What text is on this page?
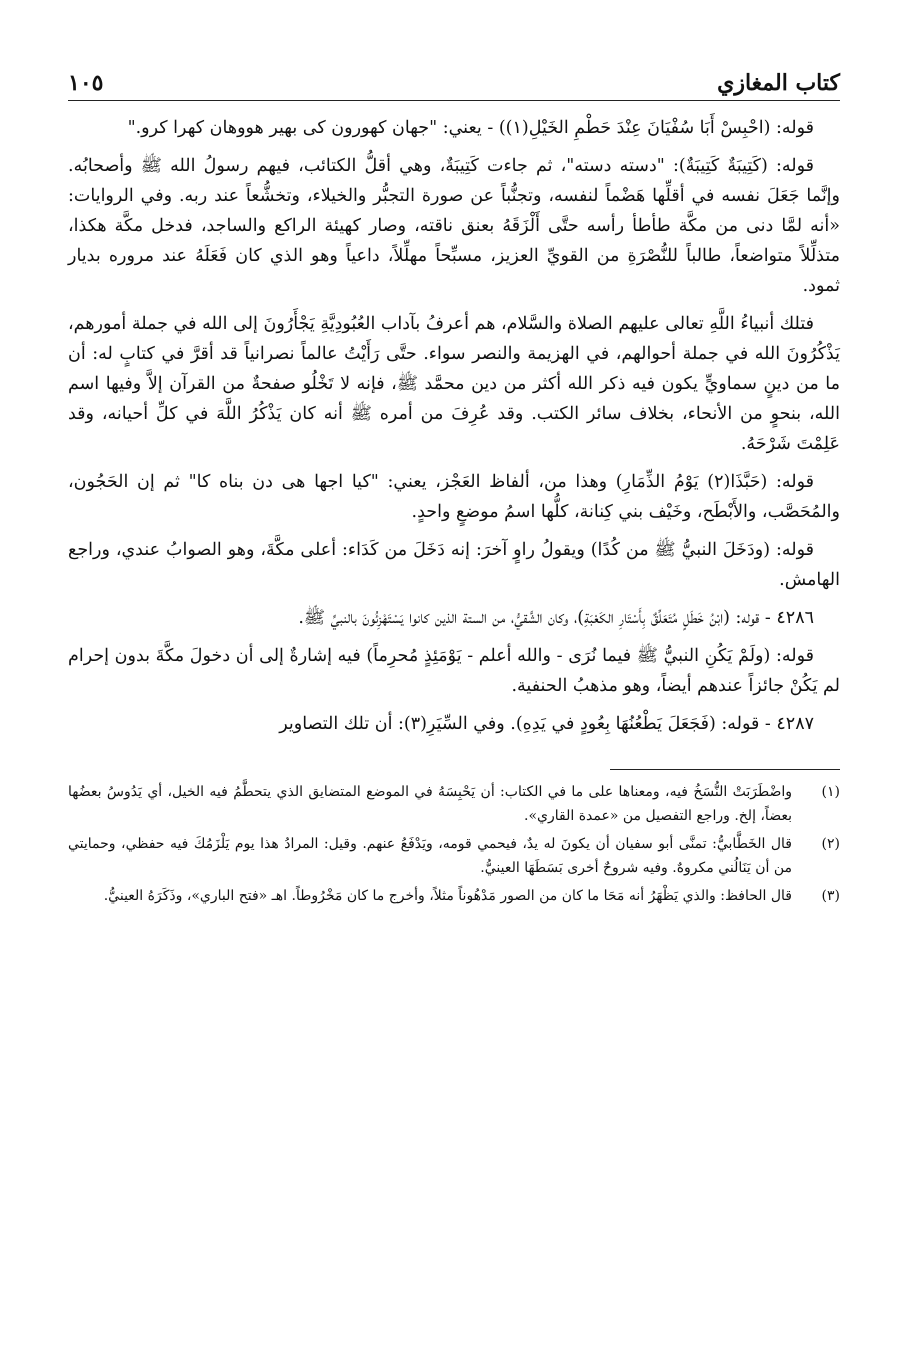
كتاب المغازي
١٠٥

قوله: (احْبِسْ أَبَا سُفْيَانَ عِنْدَ حَطْمِ الخَيْلِ(١)) - يعني: "جهان كهورون كى بهير هووهان كهرا كرو."

قوله: (كَتِيبَةٌ كَتِيبَةٌ): "دسته دسته"، ثم جاءت كَتِيبَةٌ، وهي أقلُّ الكتائب، فيهم رسولُ الله ﷺ وأصحابُه. وإنَّما جَعَلَ نفسه في أقلِّها هَضْماً لنفسه، وتجنُّباً عن صورة التجبُّر والخيلاء، وتخشُّعاً عند ربه. وفي الروايات: «أنه لمَّا دنى من مكَّة طأطأ رأسه حتَّى أَلْزَقَهُ بعنق ناقته، وصار كهيئة الراكع والساجد، فدخل مكَّة هكذا، متذلِّلاً متواضعاً، طالباً للنُّصْرَةِ من القويِّ العزيز، مسبِّحاً مهلِّلاً، داعياً وهو الذي كان فَعَلَهُ عند مروره بديار ثمود.

فتلك أنبياءُ اللَّهِ تعالى عليهم الصلاة والسَّلام، هم أعرفُ بآداب العُبُودِيَّةِ يَجْأَرُونَ إلى الله في جملة أمورهم، يَذْكُرُونَ الله في جملة أحوالهم، في الهزيمة والنصر سواء. حتَّى رَأَيْتُ عالماً نصرانياً قد أقرَّ في كتابٍ له: أن ما من دينٍ سماويٍّ يكون فيه ذكر الله أكثر من دين محمَّد ﷺ، فإنه لا تَخْلُو صفحةٌ من القرآن إلاَّ وفيها اسم الله، بنحوٍ من الأنحاء، بخلاف سائر الكتب. وقد عُرِفَ من أمره ﷺ أنه كان يَذْكُرُ اللَّهَ في كلِّ أحيانه، وقد عَلِمْتَ شَرْحَهُ.

قوله: (حَبَّذَا(٢) يَوْمُ الذِّمَارِ) وهذا من، ألفاظ العَجْز، يعني: "كيا اجها هى دن بناه كا" ثم إن الحَجُون، والمُحَصَّب، والأَبْطَح، وخَيْف بني كِنانة، كلُّها اسمُ موضعٍ واحدٍ.

قوله: (ودَخَلَ النبيُّ ﷺ من كُدًا) ويقولُ راوٍ آخرَ: إنه دَخَلَ من كَدَاء: أعلى مكَّةَ، وهو الصوابُ عندي، وراجع الهامش.

٤٢٨٦ - قوله: (ابْنُ خَطَلٍ مُتَعَلِّقٌ بِأَسْتَارِ الكَعْبَةِ)، وكان الشَّقيُّ، من الستة الذين كانوا يَسْتَهْزِئُونَ بالنبيِّ ﷺ.

قوله: (ولَمْ يَكُنِ النبيُّ ﷺ فيما نُرَى - والله أعلم - يَوْمَئِذٍ مُحرِماً) فيه إشارةٌ إلى أن دخولَ مكَّةَ بدون إحرام لم يَكُنْ جائزاً عندهم أيضاً، وهو مذهبُ الحنفية.

٤٢٨٧ - قوله: (فَجَعَلَ يَطْعُنُهَا بِعُودٍ في يَدِهِ). وفي السِّيَرِ(٣): أن تلك التصاوير

(١)
واضْطَرَبَتْ النُّسَخُ فيه، ومعناها على ما في الكتاب: أن يَحْبِسَهُ في الموضع المتضايق الذي يتحطَّمُ فيه الخيل، أي يَدُوسُ بعضُها بعضاً، إلخ. وراجع التفصيل من «عمدة القاري».
(٢)
قال الخَطَّابيُّ: تمنَّى أبو سفيان أن يكونَ له يدٌ، فيحمي قومه، ويَدْفَعُ عنهم. وقيل: المرادُ هذا يوم يَلْزَمُكَ فيه حفظي، وحمايتي من أن يَنَالُني مكروهٌ. وفيه شروحٌ أخرى بَسَطَهَا العينيُّ.
(٣)
قال الحافظ: والذي يَظْهَرُ أنه مَحَا ما كان من الصور مَدْهُوناً مثلاً، وأخرج ما كان مَخْرُوطاً. اهـ «فتح الباري»، وذَكَرَهُ العينيُّ.
